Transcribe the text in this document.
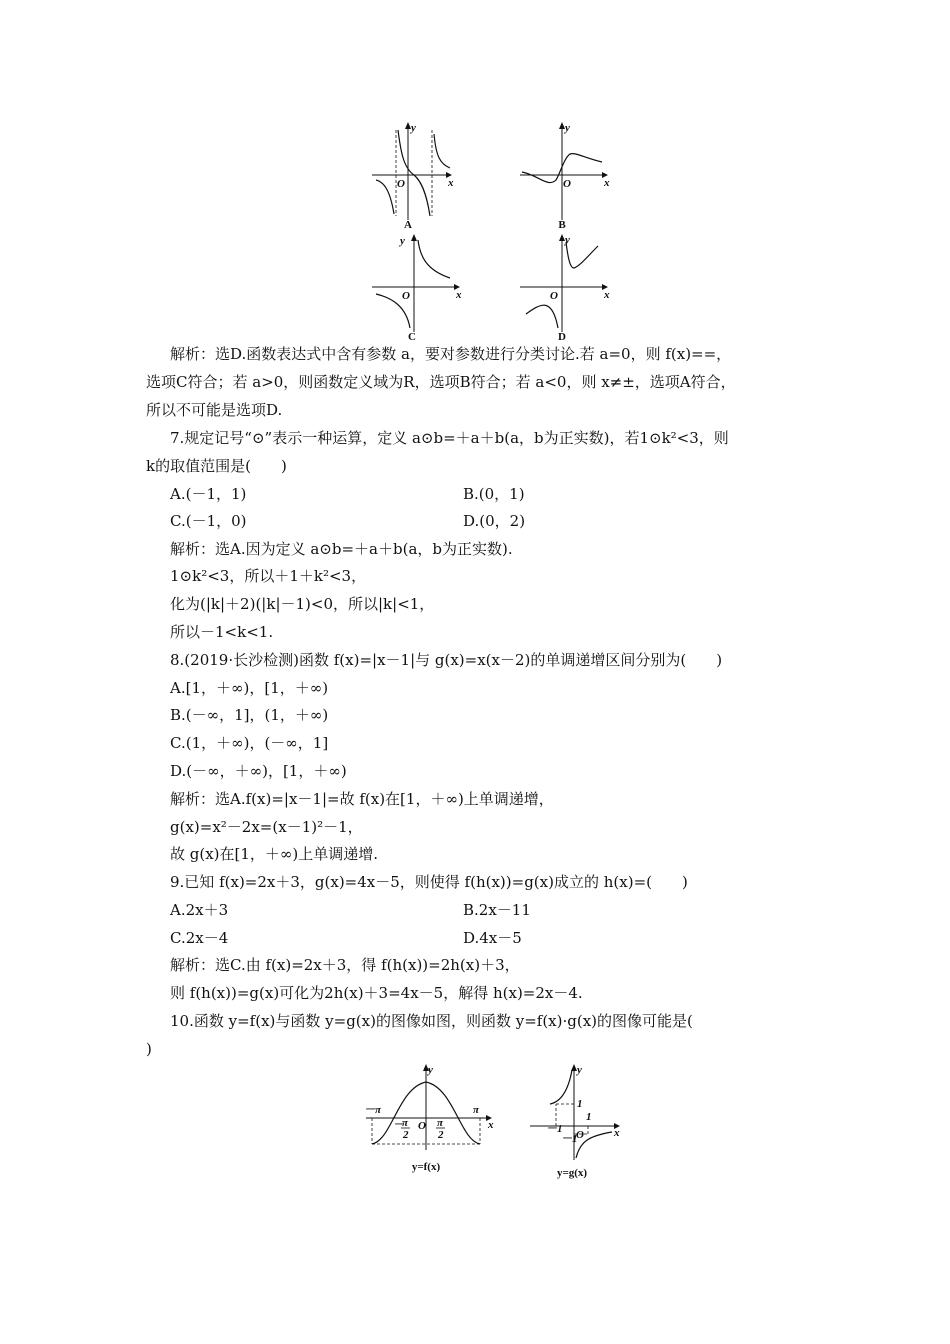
O	x
y
A
O	x
y
B
O	x
y
C
O	x
y
D
解析：选D.函数表达式中含有参数 a，要对参数进行分类讨论.若 a=0，则 f(x)==，
选项C符合；若 a>0，则函数定义域为R，选项B符合；若 a<0，则 x≠±，选项A符合，
所以不可能是选项D.
7.规定记号“⊙”表示一种运算，定义 a⊙b=＋a＋b(a，b为正实数)，若1⊙k²<3，则
k的取值范围是(　　)
A.(－1，1)	B.(0，1)
C.(－1，0)	D.(0，2)
解析：选A.因为定义 a⊙b=＋a＋b(a，b为正实数).
1⊙k²<3，所以＋1＋k²<3，
化为(|k|＋2)(|k|－1)<0，所以|k|<1，
所以－1<k<1.
8.(2019·长沙检测)函数 f(x)=|x－1|与 g(x)=x(x－2)的单调递增区间分别为(　　)
A.[1，＋∞)，[1，＋∞)
B.(－∞，1]，(1，＋∞)
C.(1，＋∞)，(－∞，1]
D.(－∞，＋∞)，[1，＋∞)
解析：选A.f(x)=|x－1|=故 f(x)在[1，＋∞)上单调递增，
g(x)=x²－2x=(x－1)²－1，
故 g(x)在[1，＋∞)上单调递增.
9.已知 f(x)=2x＋3，g(x)=4x－5，则使得 f(h(x))=g(x)成立的 h(x)=(　　)
A.2x＋3	B.2x－11
C.2x－4	D.4x－5
解析：选C.由 f(x)=2x＋3，得 f(h(x))=2h(x)＋3，
则 f(h(x))=g(x)可化为2h(x)＋3=4x－5，解得 h(x)=2x－4.
10.函数 y=f(x)与函数 y=g(x)的图像如图，则函数 y=f(x)·g(x)的图像可能是(
)
y
x
－π	π
O
－
π
2
π
2
y=f(x)
y
x
1
1
－1
－1
O
y=g(x)
